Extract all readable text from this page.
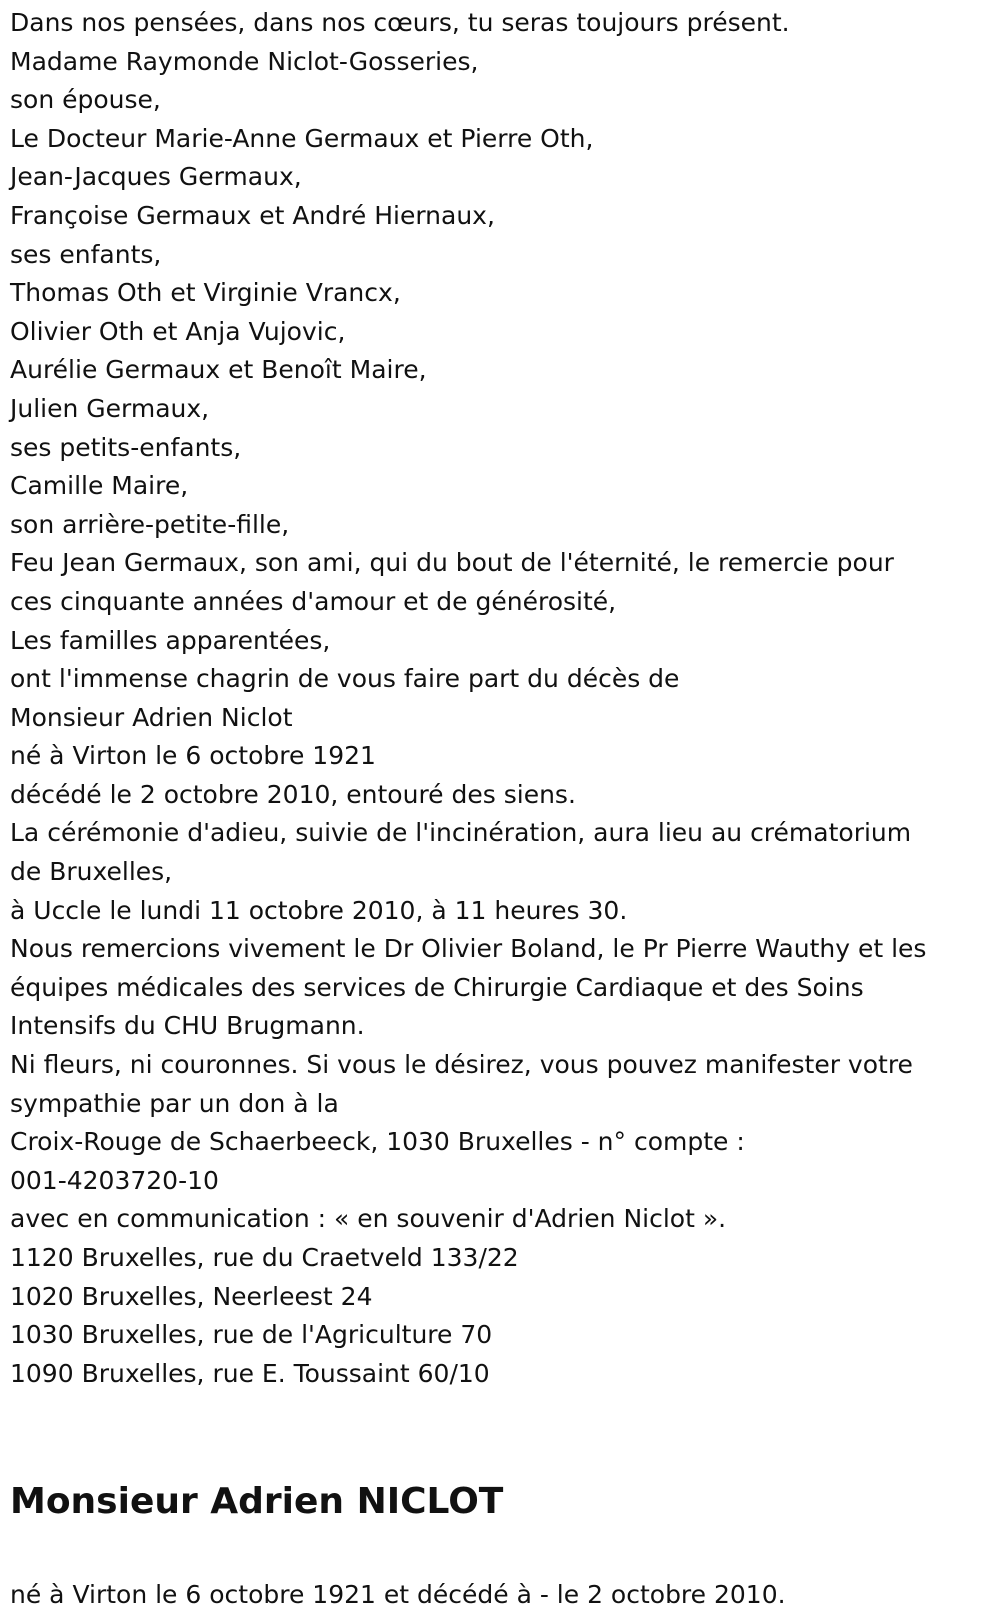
Dans nos pensées, dans nos cœurs, tu seras toujours présent.
Madame Raymonde Niclot-Gosseries,
son épouse,
Le Docteur Marie-Anne Germaux et Pierre Oth,
Jean-Jacques Germaux,
Françoise Germaux et André Hiernaux,
ses enfants,
Thomas Oth et Virginie Vrancx,
Olivier Oth et Anja Vujovic,
Aurélie Germaux et Benoît Maire,
Julien Germaux,
ses petits-enfants,
Camille Maire,
son arrière-petite-fille,
Feu Jean Germaux, son ami, qui du bout de l'éternité, le remercie pour
ces cinquante années d'amour et de générosité,
Les familles apparentées,
ont l'immense chagrin de vous faire part du décès de
Monsieur Adrien Niclot
né à Virton le 6 octobre 1921
décédé le 2 octobre 2010, entouré des siens.
La cérémonie d'adieu, suivie de l'incinération, aura lieu au crématorium
de Bruxelles,
à Uccle le lundi 11 octobre 2010, à 11 heures 30.
Nous remercions vivement le Dr Olivier Boland, le Pr Pierre Wauthy et les
équipes médicales des services de Chirurgie Cardiaque et des Soins
Intensifs du CHU Brugmann.
Ni fleurs, ni couronnes. Si vous le désirez, vous pouvez manifester votre
sympathie par un don à la
Croix-Rouge de Schaerbeeck, 1030 Bruxelles - n° compte :
001-4203720-10
avec en communication : « en souvenir d'Adrien Niclot ».
1120 Bruxelles, rue du Craetveld 133/22
1020 Bruxelles, Neerleest 24
1030 Bruxelles, rue de l'Agriculture 70
1090 Bruxelles, rue E. Toussaint 60/10
Monsieur Adrien NICLOT

né à Virton le 6 octobre 1921 et décédé à - le 2 octobre 2010.
